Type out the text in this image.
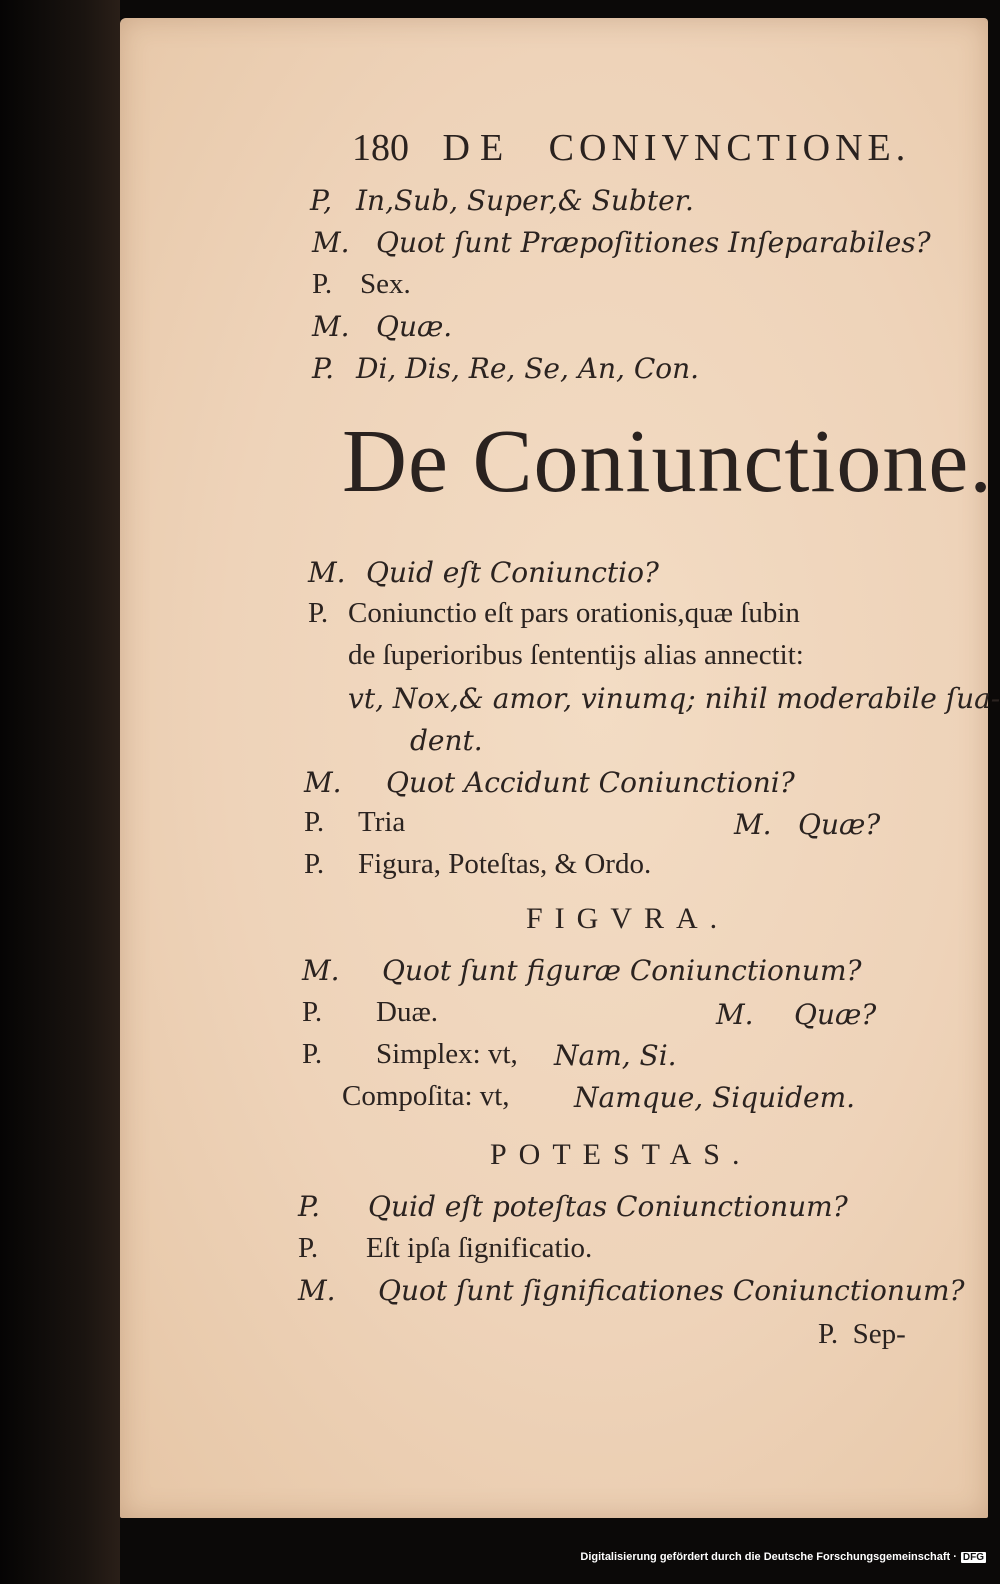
180 DE CONIVNCTIONE.
P, In,Sub, Super,& Subter.
M. Quot ſunt Præpoſitiones Inſeparabiles?
P. Sex.
M. Quæ.
P. Di, Dis, Re, Se, An, Con.
De Coniunctione.
M. Quid eſt Coniunctio?
P. Coniunctio eſt pars orationis,quæ ſubin
de ſuperioribus ſententijs alias annectit:
vt, Nox,& amor, vinumq; nihil moderabile ſua-
dent.
M. Quot Accidunt Coniunctioni?
P. Tria	M. Quæ?
P. Figura, Poteſtas, & Ordo.
FIGVRA.
M. Quot ſunt figuræ Coniunctionum?
P. Duæ.	M. Quæ?
P. Simplex: vt, Nam, Si.
Compoſita: vt, Namque, Siquidem.
POTESTAS.
P. Quid eſt poteſtas Coniunctionum?
P. Eſt ipſa ſignificatio.
M. Quot ſunt ſignificationes Coniunctionum?
P.  Sep-
Digitalisierung gefördert durch die Deutsche Forschungsgemeinschaft · DFG
